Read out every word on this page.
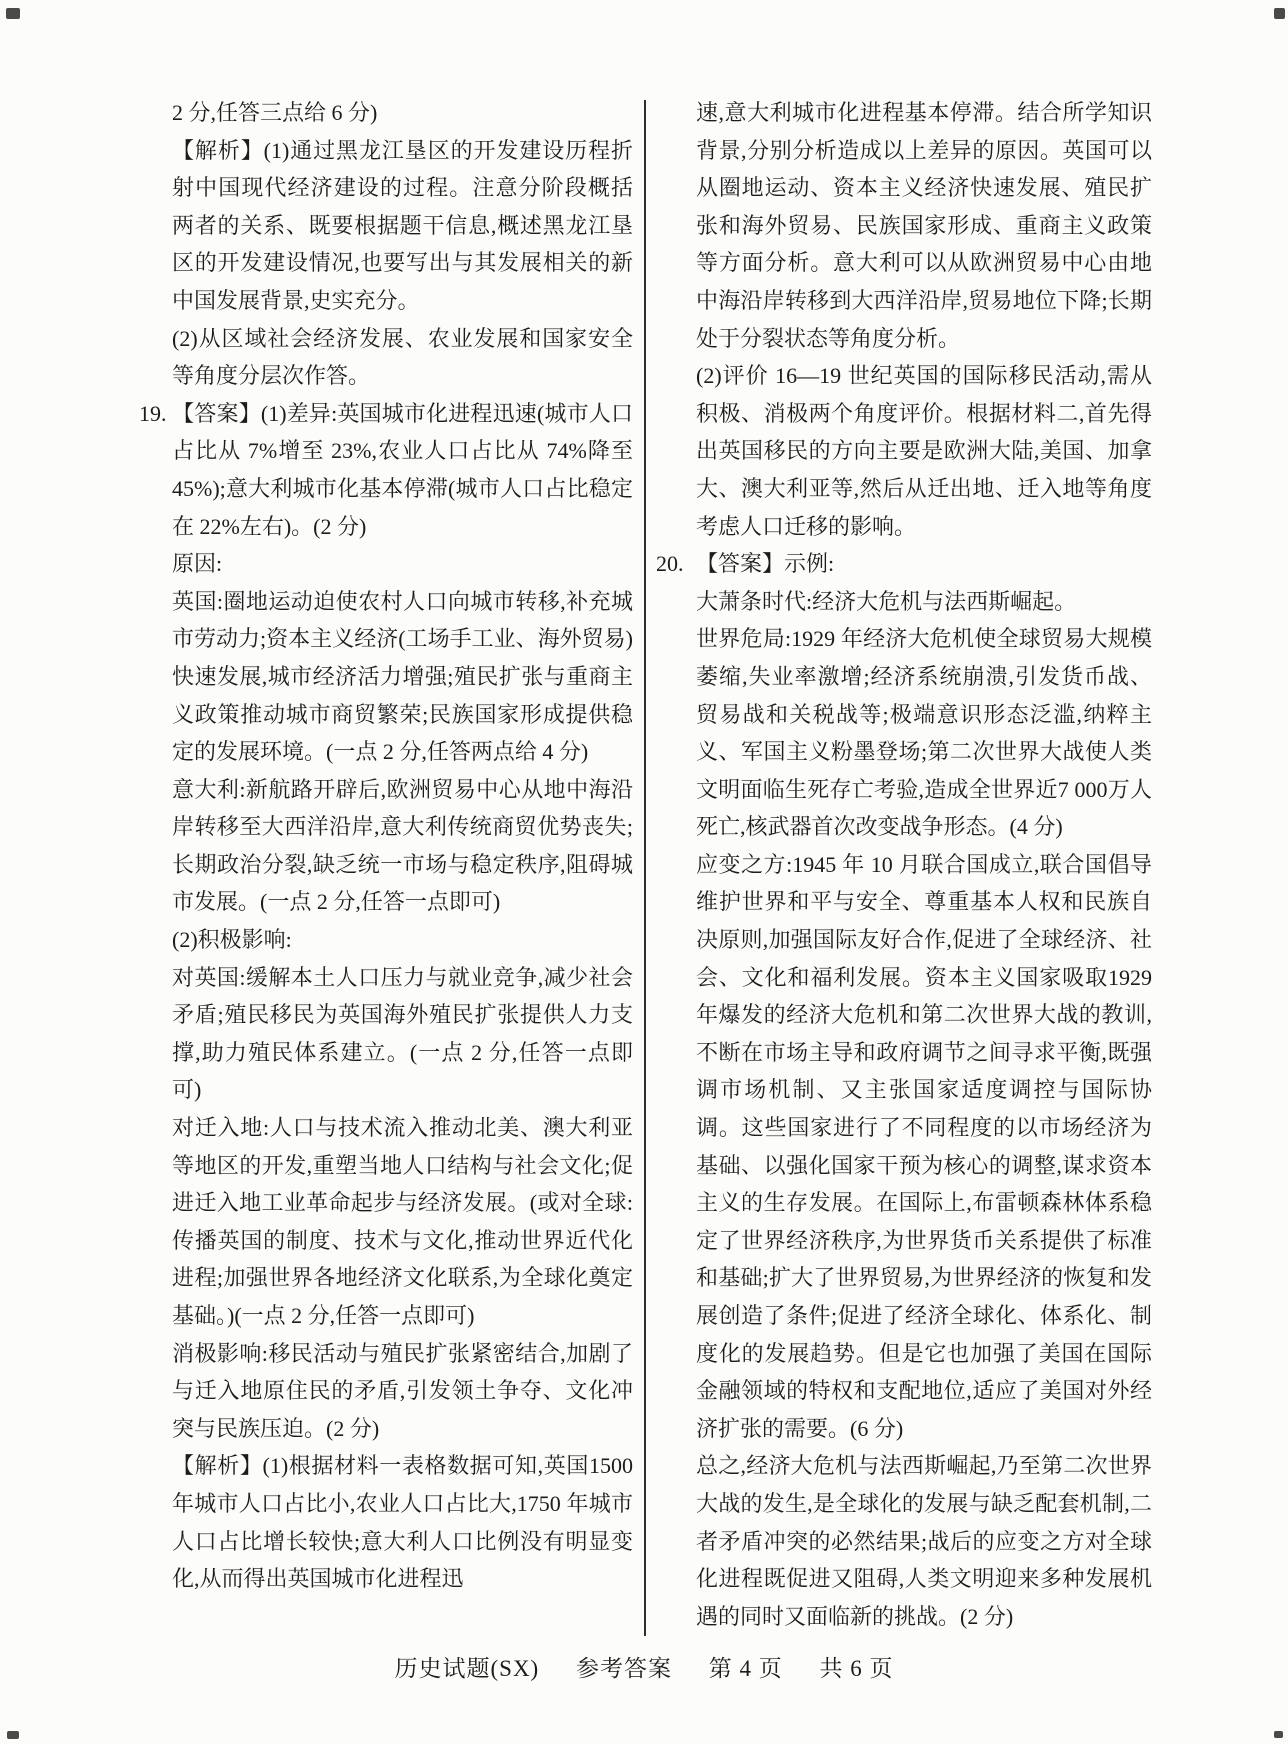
2 分,任答三点给 6 分)

【解析】(1)通过黑龙江垦区的开发建设历程折射中国现代经济建设的过程。注意分阶段概括两者的关系、既要根据题干信息,概述黑龙江垦区的开发建设情况,也要写出与其发展相关的新中国发展背景,史实充分。

(2)从区域社会经济发展、农业发展和国家安全等角度分层次作答。

19. 【答案】(1)差异:英国城市化进程迅速(城市人口占比从 7%增至 23%,农业人口占比从 74%降至 45%);意大利城市化基本停滞(城市人口占比稳定在 22%左右)。(2 分)

原因:

英国:圈地运动迫使农村人口向城市转移,补充城市劳动力;资本主义经济(工场手工业、海外贸易)快速发展,城市经济活力增强;殖民扩张与重商主义政策推动城市商贸繁荣;民族国家形成提供稳定的发展环境。(一点 2 分,任答两点给 4 分)

意大利:新航路开辟后,欧洲贸易中心从地中海沿岸转移至大西洋沿岸,意大利传统商贸优势丧失;长期政治分裂,缺乏统一市场与稳定秩序,阻碍城市发展。(一点 2 分,任答一点即可)

(2)积极影响:

对英国:缓解本土人口压力与就业竞争,减少社会矛盾;殖民移民为英国海外殖民扩张提供人力支撑,助力殖民体系建立。(一点 2 分,任答一点即可)

对迁入地:人口与技术流入推动北美、澳大利亚等地区的开发,重塑当地人口结构与社会文化;促进迁入地工业革命起步与经济发展。(或对全球:传播英国的制度、技术与文化,推动世界近代化进程;加强世界各地经济文化联系,为全球化奠定基础。)(一点 2 分,任答一点即可)

消极影响:移民活动与殖民扩张紧密结合,加剧了与迁入地原住民的矛盾,引发领土争夺、文化冲突与民族压迫。(2 分)

【解析】(1)根据材料一表格数据可知,英国1500 年城市人口占比小,农业人口占比大,1750 年城市人口占比增长较快;意大利人口比例没有明显变化,从而得出英国城市化进程迅

速,意大利城市化进程基本停滞。结合所学知识背景,分别分析造成以上差异的原因。英国可以从圈地运动、资本主义经济快速发展、殖民扩张和海外贸易、民族国家形成、重商主义政策等方面分析。意大利可以从欧洲贸易中心由地中海沿岸转移到大西洋沿岸,贸易地位下降;长期处于分裂状态等角度分析。

(2)评价 16—19 世纪英国的国际移民活动,需从积极、消极两个角度评价。根据材料二,首先得出英国移民的方向主要是欧洲大陆,美国、加拿大、澳大利亚等,然后从迁出地、迁入地等角度考虑人口迁移的影响。

20. 【答案】示例:

大萧条时代:经济大危机与法西斯崛起。

世界危局:1929 年经济大危机使全球贸易大规模萎缩,失业率激增;经济系统崩溃,引发货币战、贸易战和关税战等;极端意识形态泛滥,纳粹主义、军国主义粉墨登场;第二次世界大战使人类文明面临生死存亡考验,造成全世界近7 000万人死亡,核武器首次改变战争形态。(4 分)

应变之方:1945 年 10 月联合国成立,联合国倡导维护世界和平与安全、尊重基本人权和民族自决原则,加强国际友好合作,促进了全球经济、社会、文化和福利发展。资本主义国家吸取1929 年爆发的经济大危机和第二次世界大战的教训,不断在市场主导和政府调节之间寻求平衡,既强调市场机制、又主张国家适度调控与国际协调。这些国家进行了不同程度的以市场经济为基础、以强化国家干预为核心的调整,谋求资本主义的生存发展。在国际上,布雷顿森林体系稳定了世界经济秩序,为世界货币关系提供了标准和基础;扩大了世界贸易,为世界经济的恢复和发展创造了条件;促进了经济全球化、体系化、制度化的发展趋势。但是它也加强了美国在国际金融领域的特权和支配地位,适应了美国对外经济扩张的需要。(6 分)

总之,经济大危机与法西斯崛起,乃至第二次世界大战的发生,是全球化的发展与缺乏配套机制,二者矛盾冲突的必然结果;战后的应变之方对全球化进程既促进又阻碍,人类文明迎来多种发展机遇的同时又面临新的挑战。(2 分)

历史试题(SX) 参考答案 第 4 页 共 6 页
